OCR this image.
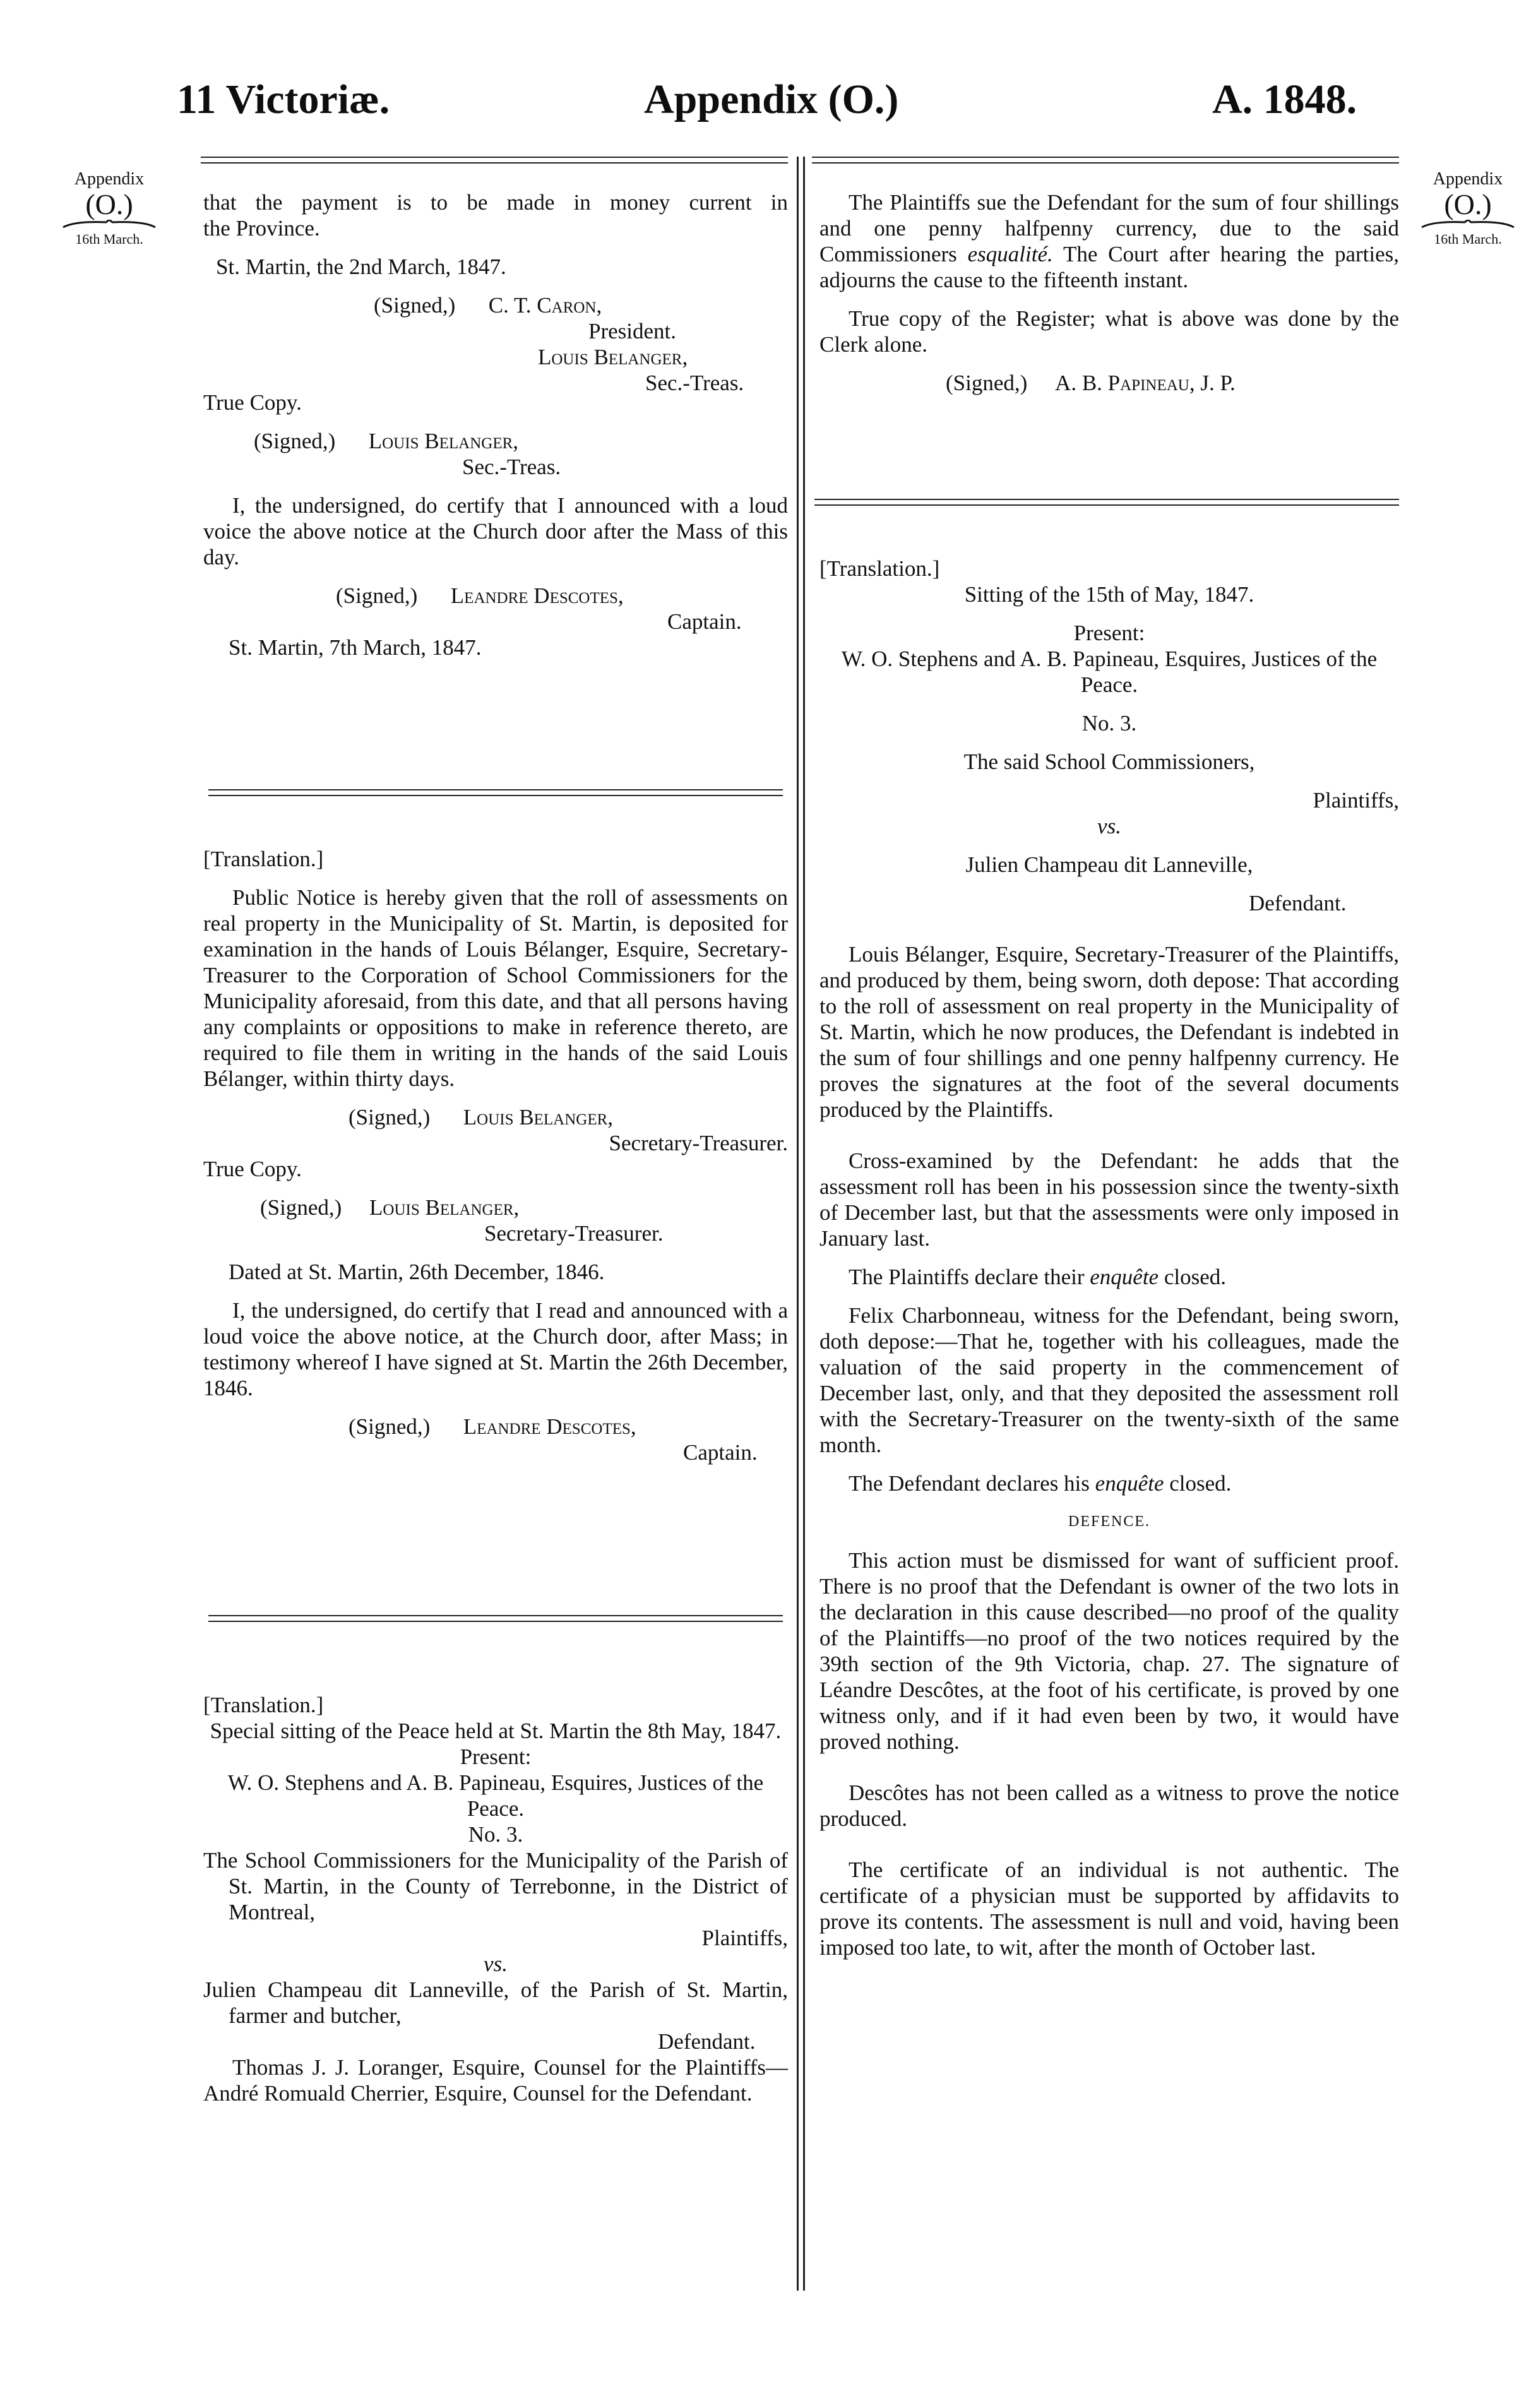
11 Victoriæ.	Appendix (O.)	A. 1848.
Appendix
(O.)
16th March.
Appendix
(O.)
16th March.

that the payment is to be made in money current in

the Province.

St. Martin, the 2nd March, 1847.

(Signed,) C. T. Caron,

President.

Louis Belanger,

Sec.-Treas.

True Copy.

(Signed,) Louis Belanger,

Sec.-Treas.

I, the undersigned, do certify that I announced with a loud voice the above notice at the Church door after the Mass of this day.

(Signed,) Leandre Descotes,

Captain.

St. Martin, 7th March, 1847.

[Translation.]

Public Notice is hereby given that the roll of assessments on real property in the Municipality of St. Martin, is deposited for examination in the hands of Louis Bélanger, Esquire, Secretary-Treasurer to the Corporation of School Commissioners for the Municipality aforesaid, from this date, and that all persons having any complaints or oppositions to make in reference thereto, are required to file them in writing in the hands of the said Louis Bélanger, within thirty days.

(Signed,) Louis Belanger,

Secretary-Treasurer.

True Copy.

(Signed,) Louis Belanger,

Secretary-Treasurer.

Dated at St. Martin, 26th December, 1846.

I, the undersigned, do certify that I read and announced with a loud voice the above notice, at the Church door, after Mass; in testimony whereof I have signed at St. Martin the 26th December, 1846.

(Signed,) Leandre Descotes,

Captain.

[Translation.]

Special sitting of the Peace held at St. Martin the 8th May, 1847.

Present:

W. O. Stephens and A. B. Papineau, Esquires, Justices of the Peace.

No. 3.

The School Commissioners for the Municipality of the Parish of St. Martin, in the County of Terrebonne, in the District of Montreal,

Plaintiffs,

vs.

Julien Champeau dit Lanneville, of the Parish of St. Martin, farmer and butcher,

Defendant.

Thomas J. J. Loranger, Esquire, Counsel for the Plaintiffs—André Romuald Cherrier, Esquire, Counsel for the Defendant.

The Plaintiffs sue the Defendant for the sum of four shillings and one penny halfpenny currency, due to the said Commissioners esqualité. The Court after hearing the parties, adjourns the cause to the fifteenth instant.

True copy of the Register; what is above was done by the Clerk alone.

(Signed,) A. B. Papineau, J. P.

[Translation.]

Sitting of the 15th of May, 1847.

Present:

W. O. Stephens and A. B. Papineau, Esquires, Justices of the Peace.

No. 3.

The said School Commissioners,

Plaintiffs,

vs.

Julien Champeau dit Lanneville,

Defendant.

Louis Bélanger, Esquire, Secretary-Treasurer of the Plaintiffs, and produced by them, being sworn, doth depose: That according to the roll of assessment on real property in the Municipality of St. Martin, which he now produces, the Defendant is indebted in the sum of four shillings and one penny halfpenny currency. He proves the signatures at the foot of the several documents produced by the Plaintiffs.

Cross-examined by the Defendant: he adds that the assessment roll has been in his possession since the twenty-sixth of December last, but that the assessments were only imposed in January last.

The Plaintiffs declare their enquête closed.

Felix Charbonneau, witness for the Defendant, being sworn, doth depose:—That he, together with his colleagues, made the valuation of the said property in the commencement of December last, only, and that they deposited the assessment roll with the Secretary-Treasurer on the twenty-sixth of the same month.

The Defendant declares his enquête closed.

DEFENCE.

This action must be dismissed for want of sufficient proof. There is no proof that the Defendant is owner of the two lots in the declaration in this cause described—no proof of the quality of the Plaintiffs—no proof of the two notices required by the 39th section of the 9th Victoria, chap. 27. The signature of Léandre Descôtes, at the foot of his certificate, is proved by one witness only, and if it had even been by two, it would have proved nothing.

Descôtes has not been called as a witness to prove the notice produced.

The certificate of an individual is not authentic. The certificate of a physician must be supported by affidavits to prove its contents. The assessment is null and void, having been imposed too late, to wit, after the month of October last.
